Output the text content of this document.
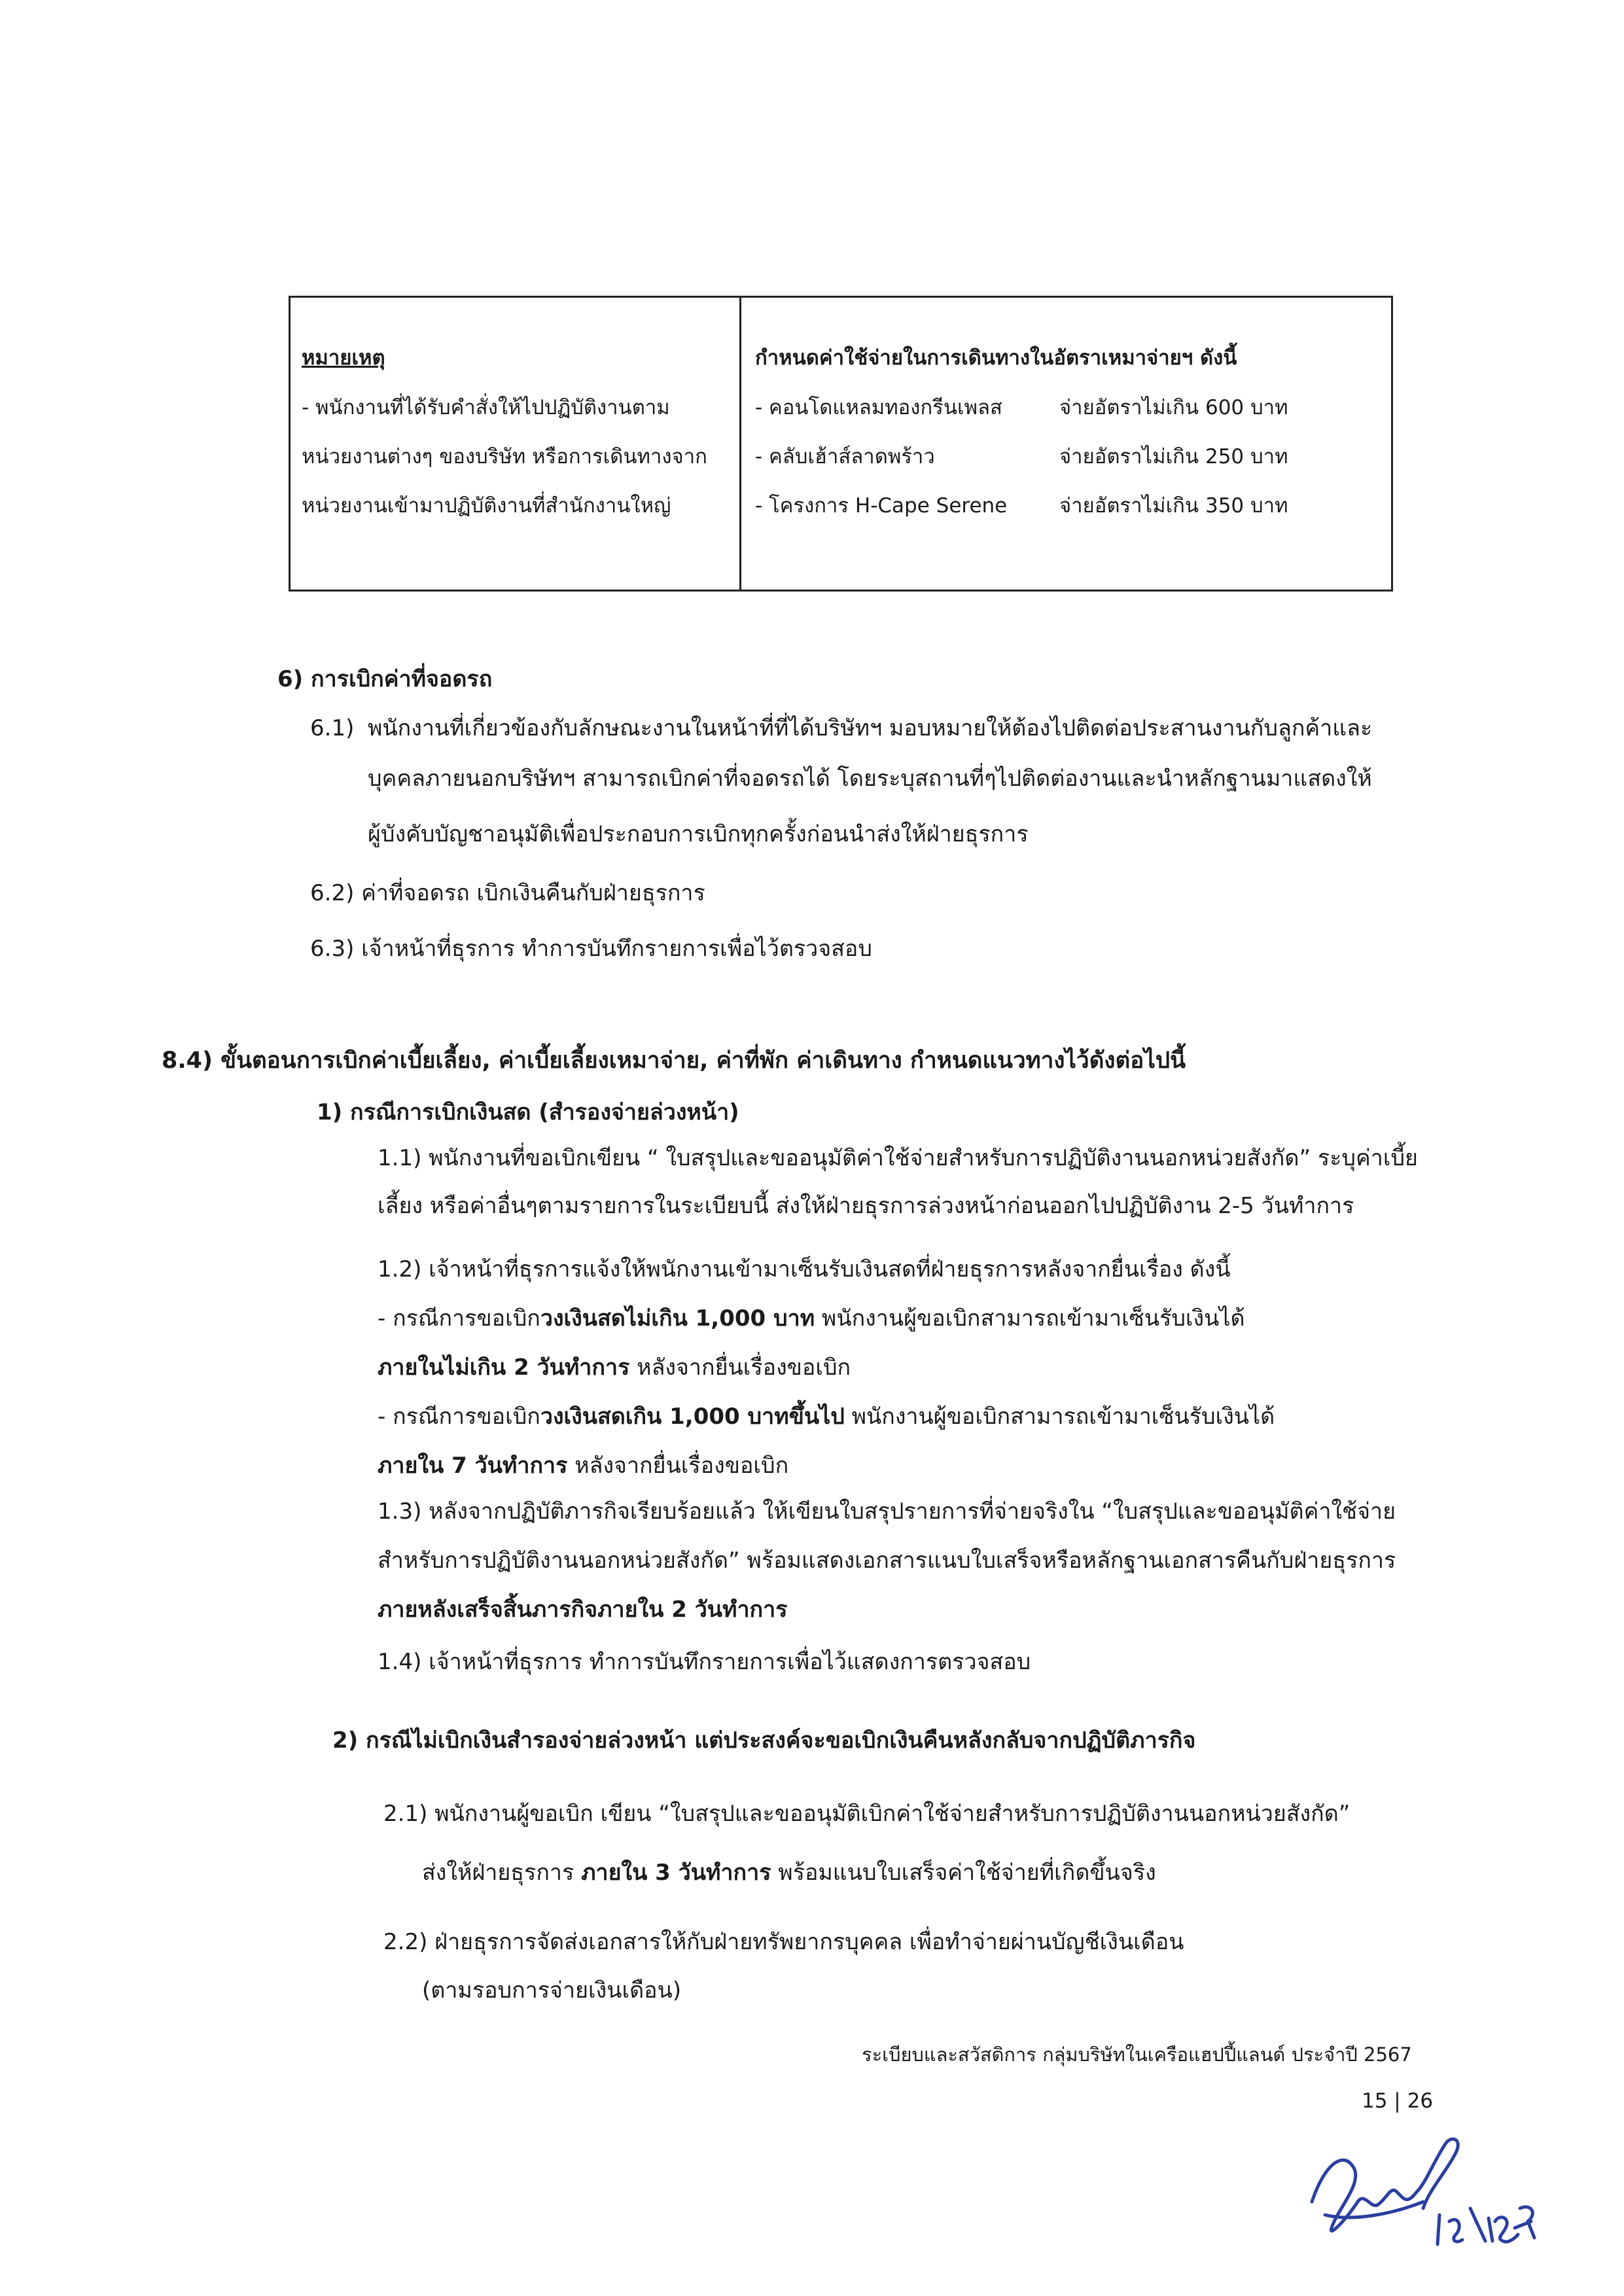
หมายเหตุ
- พนักงานที่ได้รับคำสั่งให้ไปปฏิบัติงานตาม
หน่วยงานต่างๆ ของบริษัท หรือการเดินทางจาก
หน่วยงานเข้ามาปฏิบัติงานที่สำนักงานใหญ่
กำหนดค่าใช้จ่ายในการเดินทางในอัตราเหมาจ่ายฯ ดังนี้
- คอนโดแหลมทองกรีนเพลส	จ่ายอัตราไม่เกิน 600 บาท
- คลับเฮ้าส์ลาดพร้าว	จ่ายอัตราไม่เกิน 250 บาท
- โครงการ H-Cape Serene	จ่ายอัตราไม่เกิน 350 บาท
6) การเบิกค่าที่จอดรถ
6.1) พนักงานที่เกี่ยวข้องกับลักษณะงานในหน้าที่ที่ได้บริษัทฯ มอบหมายให้ต้องไปติดต่อประสานงานกับลูกค้าและ
บุคคลภายนอกบริษัทฯ สามารถเบิกค่าที่จอดรถได้ โดยระบุสถานที่ๆไปติดต่องานและนำหลักฐานมาแสดงให้
ผู้บังคับบัญชาอนุมัติเพื่อประกอบการเบิกทุกครั้งก่อนนำส่งให้ฝ่ายธุรการ
6.2) ค่าที่จอดรถ เบิกเงินคืนกับฝ่ายธุรการ
6.3) เจ้าหน้าที่ธุรการ ทำการบันทึกรายการเพื่อไว้ตรวจสอบ
8.4) ขั้นตอนการเบิกค่าเบี้ยเลี้ยง, ค่าเบี้ยเลี้ยงเหมาจ่าย, ค่าที่พัก ค่าเดินทาง กำหนดแนวทางไว้ดังต่อไปนี้
1) กรณีการเบิกเงินสด (สำรองจ่ายล่วงหน้า)
1.1) พนักงานที่ขอเบิกเขียน “ ใบสรุปและขออนุมัติค่าใช้จ่ายสำหรับการปฏิบัติงานนอกหน่วยสังกัด” ระบุค่าเบี้ย
เลี้ยง หรือค่าอื่นๆตามรายการในระเบียบนี้ ส่งให้ฝ่ายธุรการล่วงหน้าก่อนออกไปปฏิบัติงาน 2-5 วันทำการ
1.2) เจ้าหน้าที่ธุรการแจ้งให้พนักงานเข้ามาเซ็นรับเงินสดที่ฝ่ายธุรการหลังจากยื่นเรื่อง ดังนี้
- กรณีการขอเบิกวงเงินสดไม่เกิน 1,000 บาท พนักงานผู้ขอเบิกสามารถเข้ามาเซ็นรับเงินได้
ภายในไม่เกิน 2 วันทำการ หลังจากยื่นเรื่องขอเบิก
- กรณีการขอเบิกวงเงินสดเกิน 1,000 บาทขึ้นไป พนักงานผู้ขอเบิกสามารถเข้ามาเซ็นรับเงินได้
ภายใน 7 วันทำการ หลังจากยื่นเรื่องขอเบิก
1.3) หลังจากปฏิบัติภารกิจเรียบร้อยแล้ว ให้เขียนใบสรุปรายการที่จ่ายจริงใน “ใบสรุปและขออนุมัติค่าใช้จ่าย
สำหรับการปฏิบัติงานนอกหน่วยสังกัด” พร้อมแสดงเอกสารแนบใบเสร็จหรือหลักฐานเอกสารคืนกับฝ่ายธุรการ
ภายหลังเสร็จสิ้นภารกิจภายใน 2 วันทำการ
1.4) เจ้าหน้าที่ธุรการ ทำการบันทึกรายการเพื่อไว้แสดงการตรวจสอบ
2) กรณีไม่เบิกเงินสำรองจ่ายล่วงหน้า แต่ประสงค์จะขอเบิกเงินคืนหลังกลับจากปฏิบัติภารกิจ
2.1) พนักงานผู้ขอเบิก เขียน “ใบสรุปและขออนุมัติเบิกค่าใช้จ่ายสำหรับการปฏิบัติงานนอกหน่วยสังกัด”
ส่งให้ฝ่ายธุรการ ภายใน 3 วันทำการ พร้อมแนบใบเสร็จค่าใช้จ่ายที่เกิดขึ้นจริง
2.2) ฝ่ายธุรการจัดส่งเอกสารให้กับฝ่ายทรัพยากรบุคคล เพื่อทำจ่ายผ่านบัญชีเงินเดือน
(ตามรอบการจ่ายเงินเดือน)
ระเบียบและสวัสดิการ กลุ่มบริษัทในเครือแฮปปี้แลนด์ ประจำปี 2567
15 | 26
